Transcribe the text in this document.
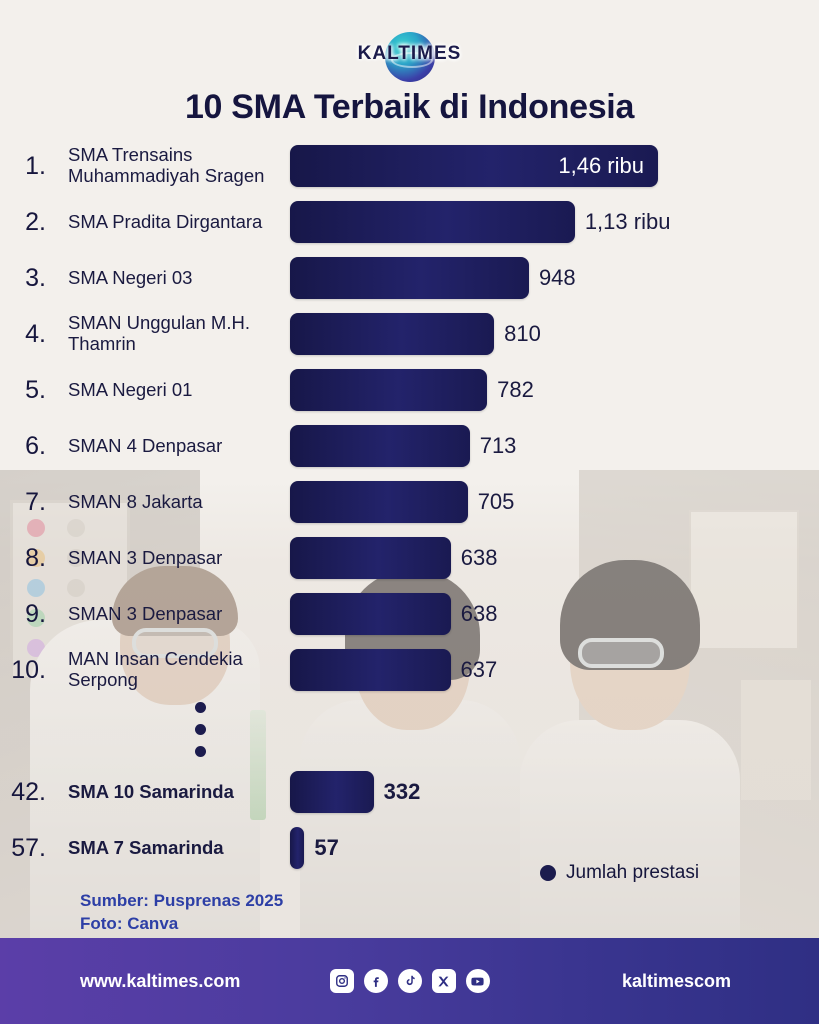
KALTIMES
10 SMA Terbaik di Indonesia
1.	SMA Trensains Muhammadiyah Sragen	1,46 ribu
2.	SMA Pradita Dirgantara	1,13 ribu
3.	SMA Negeri 03	948
4.	SMAN Unggulan M.H. Thamrin	810
5.	SMA Negeri 01	782
6.	SMAN 4 Denpasar	713
7.	SMAN 8 Jakarta	705
8.	SMAN 3 Denpasar	638
9.	SMAN 3 Denpasar	638
10.	MAN Insan Cendekia Serpong	637
42.	SMA 10 Samarinda	332
57.	SMA 7 Samarinda	57
Jumlah prestasi
Sumber: Pusprenas 2025
Foto: Canva
www.kaltimes.com	kaltimescom
